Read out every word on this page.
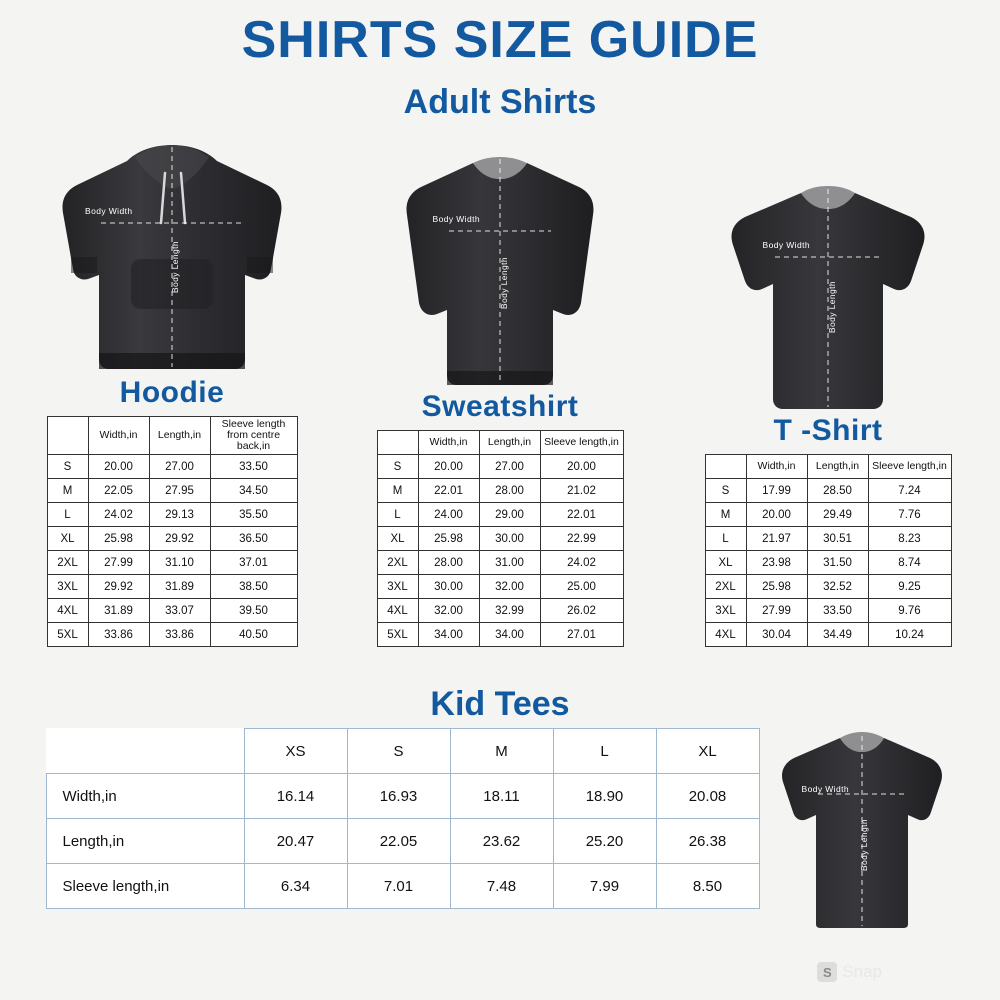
SHIRTS SIZE GUIDE
Adult Shirts
Body Width
Body Length
Hoodie
	Width,in	Length,in	Sleeve length from centre back,in
S	20.00	27.00	33.50
M	22.05	27.95	34.50
L	24.02	29.13	35.50
XL	25.98	29.92	36.50
2XL	27.99	31.10	37.01
3XL	29.92	31.89	38.50
4XL	31.89	33.07	39.50
5XL	33.86	33.86	40.50
Body Width
Body Length
Sweatshirt
	Width,in	Length,in	Sleeve length,in
S	20.00	27.00	20.00
M	22.01	28.00	21.02
L	24.00	29.00	22.01
XL	25.98	30.00	22.99
2XL	28.00	31.00	24.02
3XL	30.00	32.00	25.00
4XL	32.00	32.99	26.02
5XL	34.00	34.00	27.01
Body Width
Body Length
T -Shirt
	Width,in	Length,in	Sleeve length,in
S	17.99	28.50	7.24
M	20.00	29.49	7.76
L	21.97	30.51	8.23
XL	23.98	31.50	8.74
2XL	25.98	32.52	9.25
3XL	27.99	33.50	9.76
4XL	30.04	34.49	10.24
Kid Tees
	XS	S	M	L	XL
Width,in	16.14	16.93	18.11	18.90	20.08
Length,in	20.47	22.05	23.62	25.20	26.38
Sleeve length,in	6.34	7.01	7.48	7.99	8.50
Body Width
Body Length
S Snap
